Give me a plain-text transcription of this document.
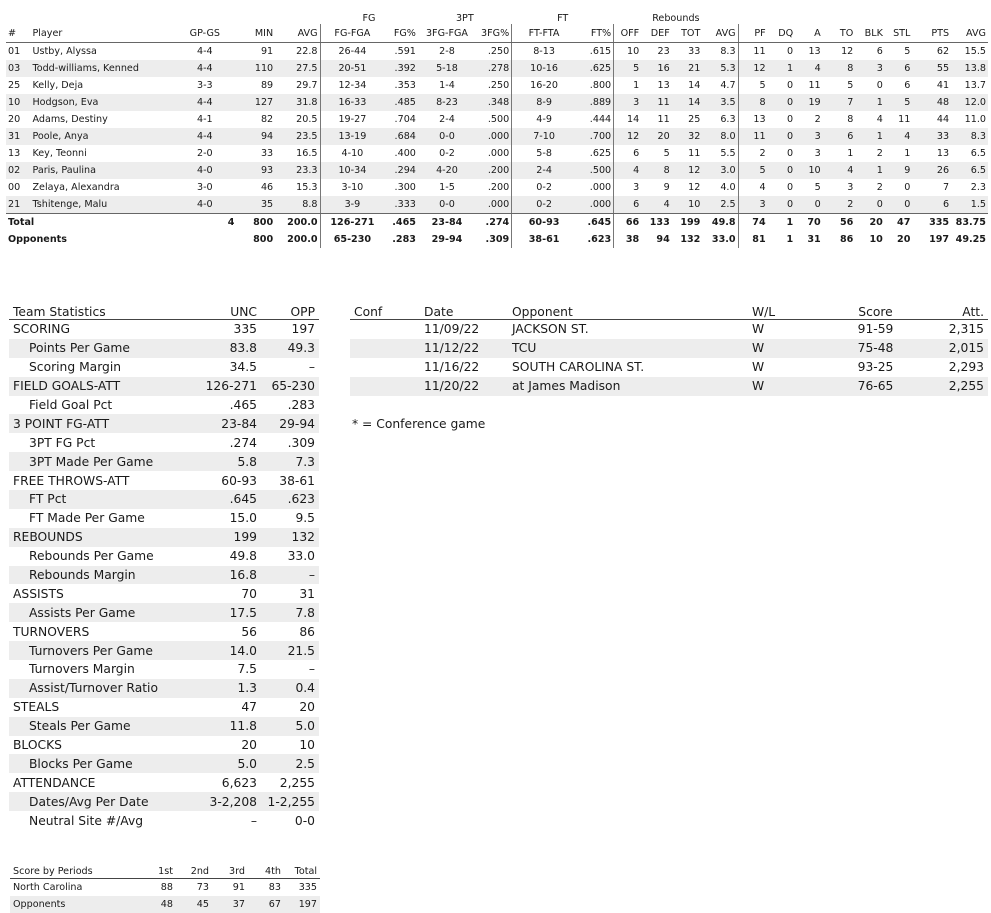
					FG		3PT		FT		Rebounds											
#	Player	GP-GS	MIN	AVG	FG-FGA	FG%	3FG-FGA	3FG%	FT-FTA	FT%	OFF	DEF	TOT	AVG	PF	DQ	A	TO	BLK	STL	PTS	AVG
01	Ustby, Alyssa	4-4	91	22.8	26-44	.591	2-8	.250	8-13	.615	10	23	33	8.3	11	0	13	12	6	5	62	15.5
03	Todd-williams, Kenned	4-4	110	27.5	20-51	.392	5-18	.278	10-16	.625	5	16	21	5.3	12	1	4	8	3	6	55	13.8
25	Kelly, Deja	3-3	89	29.7	12-34	.353	1-4	.250	16-20	.800	1	13	14	4.7	5	0	11	5	0	6	41	13.7
10	Hodgson, Eva	4-4	127	31.8	16-33	.485	8-23	.348	8-9	.889	3	11	14	3.5	8	0	19	7	1	5	48	12.0
20	Adams, Destiny	4-1	82	20.5	19-27	.704	2-4	.500	4-9	.444	14	11	25	6.3	13	0	2	8	4	11	44	11.0
31	Poole, Anya	4-4	94	23.5	13-19	.684	0-0	.000	7-10	.700	12	20	32	8.0	11	0	3	6	1	4	33	8.3
13	Key, Teonni	2-0	33	16.5	4-10	.400	0-2	.000	5-8	.625	6	5	11	5.5	2	0	3	1	2	1	13	6.5
02	Paris, Paulina	4-0	93	23.3	10-34	.294	4-20	.200	2-4	.500	4	8	12	3.0	5	0	10	4	1	9	26	6.5
00	Zelaya, Alexandra	3-0	46	15.3	3-10	.300	1-5	.200	0-2	.000	3	9	12	4.0	4	0	5	3	2	0	7	2.3
21	Tshitenge, Malu	4-0	35	8.8	3-9	.333	0-0	.000	0-2	.000	6	4	10	2.5	3	0	0	2	0	0	6	1.5
Total		4	800	200.0	126-271	.465	23-84	.274	60-93	.645	66	133	199	49.8	74	1	70	56	20	47	335	83.75
Opponents			800	200.0	65-230	.283	29-94	.309	38-61	.623	38	94	132	33.0	81	1	31	86	10	20	197	49.25
Team Statistics	UNC	OPP
SCORING	335	197
Points Per Game	83.8	49.3
Scoring Margin	34.5	–
FIELD GOALS-ATT	126-271	65-230
Field Goal Pct	.465	.283
3 POINT FG-ATT	23-84	29-94
3PT FG Pct	.274	.309
3PT Made Per Game	5.8	7.3
FREE THROWS-ATT	60-93	38-61
FT Pct	.645	.623
FT Made Per Game	15.0	9.5
REBOUNDS	199	132
Rebounds Per Game	49.8	33.0
Rebounds Margin	16.8	–
ASSISTS	70	31
Assists Per Game	17.5	7.8
TURNOVERS	56	86
Turnovers Per Game	14.0	21.5
Turnovers Margin	7.5	–
Assist/Turnover Ratio	1.3	0.4
STEALS	47	20
Steals Per Game	11.8	5.0
BLOCKS	20	10
Blocks Per Game	5.0	2.5
ATTENDANCE	6,623	2,255
Dates/Avg Per Date	3-2,208	1-2,255
Neutral Site #/Avg	–	0-0
Conf	Date	Opponent	W/L	Score	Att.
	11/09/22	JACKSON ST.	W	91-59	2,315
	11/12/22	TCU	W	75-48	2,015
	11/16/22	SOUTH CAROLINA ST.	W	93-25	2,293
	11/20/22	at James Madison	W	76-65	2,255
* = Conference game
Score by Periods	1st	2nd	3rd	4th	Total
North Carolina	88	73	91	83	335
Opponents	48	45	37	67	197
